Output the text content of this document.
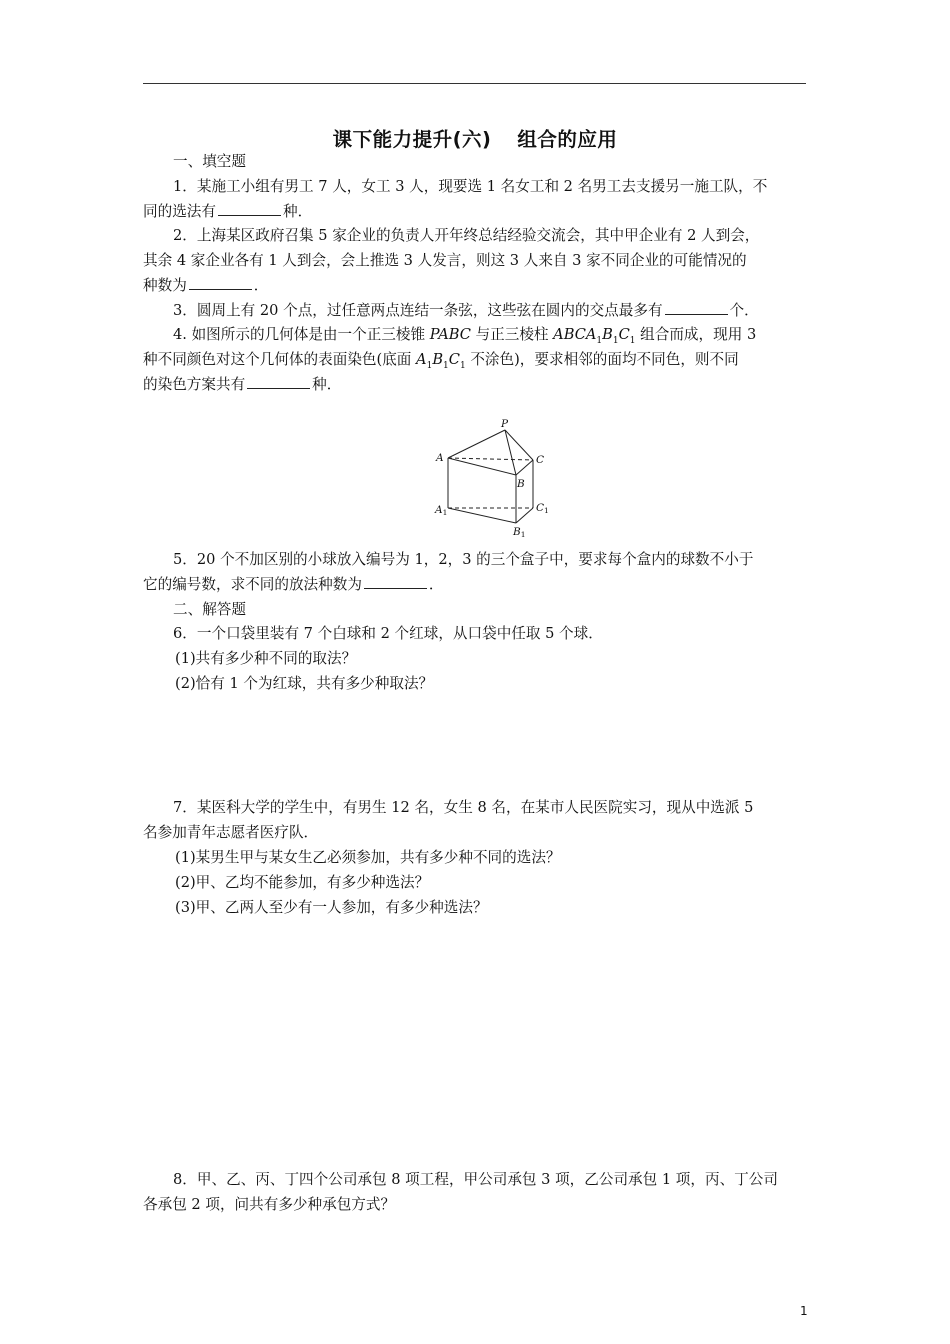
课下能力提升(六) 组合的应用
一、填空题
1．某施工小组有男工 7 人，女工 3 人，现要选 1 名女工和 2 名男工去支援另一施工队，不
同的选法有	种．
2．上海某区政府召集 5 家企业的负责人开年终总结经验交流会，其中甲企业有 2 人到会，
其余 4 家企业各有 1 人到会，会上推选 3 人发言，则这 3 人来自 3 家不同企业的可能情况的
种数为	．
3．圆周上有 20 个点，过任意两点连结一条弦，这些弦在圆内的交点最多有	个．
4. 如图所示的几何体是由一个正三棱锥 PABC 与正三棱柱 $ABCA_1B_1C_1$ 组合而成，现用 3
种不同颜色对这个几何体的表面染色(底面 $A_1B_1C_1$ 不涂色)，要求相邻的面均不同色，则不同
的染色方案共有	种．
P
A	C
B
A1	C1
B1
5．20 个不加区别的小球放入编号为 1，2，3 的三个盒子中，要求每个盒内的球数不小于
它的编号数，求不同的放法种数为	．
二、解答题
6．一个口袋里装有 7 个白球和 2 个红球，从口袋中任取 5 个球．
(1)共有多少种不同的取法？
(2)恰有 1 个为红球，共有多少种取法？
7．某医科大学的学生中，有男生 12 名，女生 8 名，在某市人民医院实习，现从中选派 5
名参加青年志愿者医疗队．
(1)某男生甲与某女生乙必须参加，共有多少种不同的选法？
(2)甲、乙均不能参加，有多少种选法？
(3)甲、乙两人至少有一人参加，有多少种选法？
8．甲、乙、丙、丁四个公司承包 8 项工程，甲公司承包 3 项，乙公司承包 1 项，丙、丁公司
各承包 2 项，问共有多少种承包方式？
1
